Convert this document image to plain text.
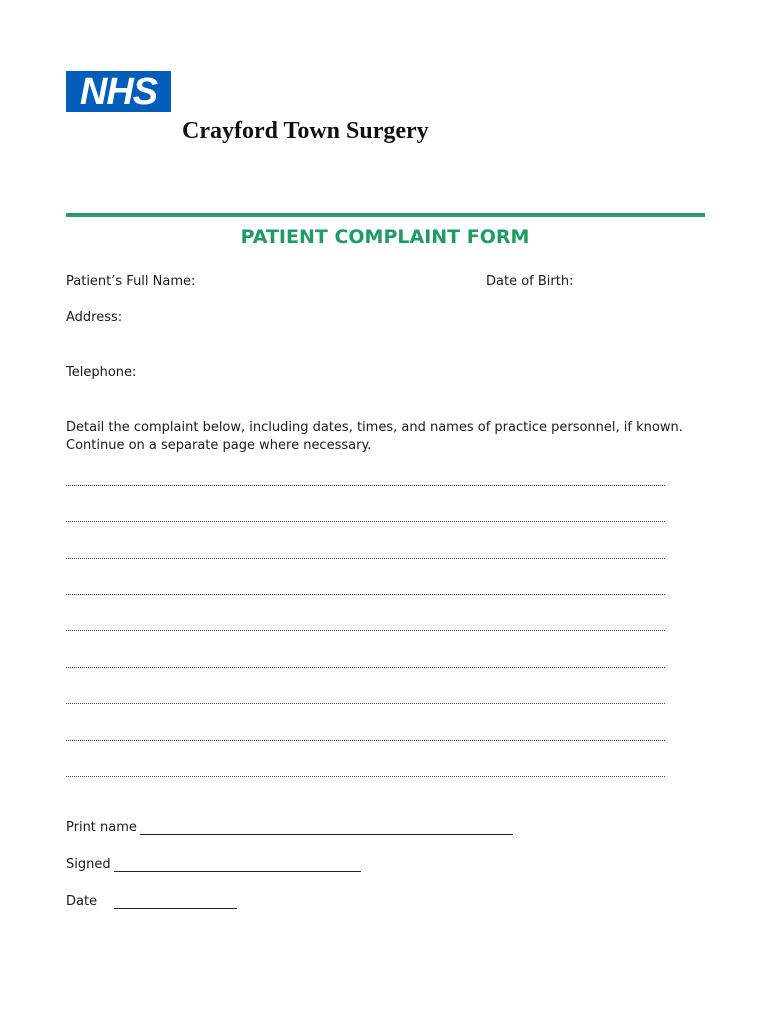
NHS
Crayford Town Surgery
PATIENT COMPLAINT FORM
Patient’s Full Name:	Date of Birth:
Address:
Telephone:
Detail the complaint below, including dates, times, and names of practice personnel, if known.
Continue on a separate page where necessary.
Print name
Signed
Date
